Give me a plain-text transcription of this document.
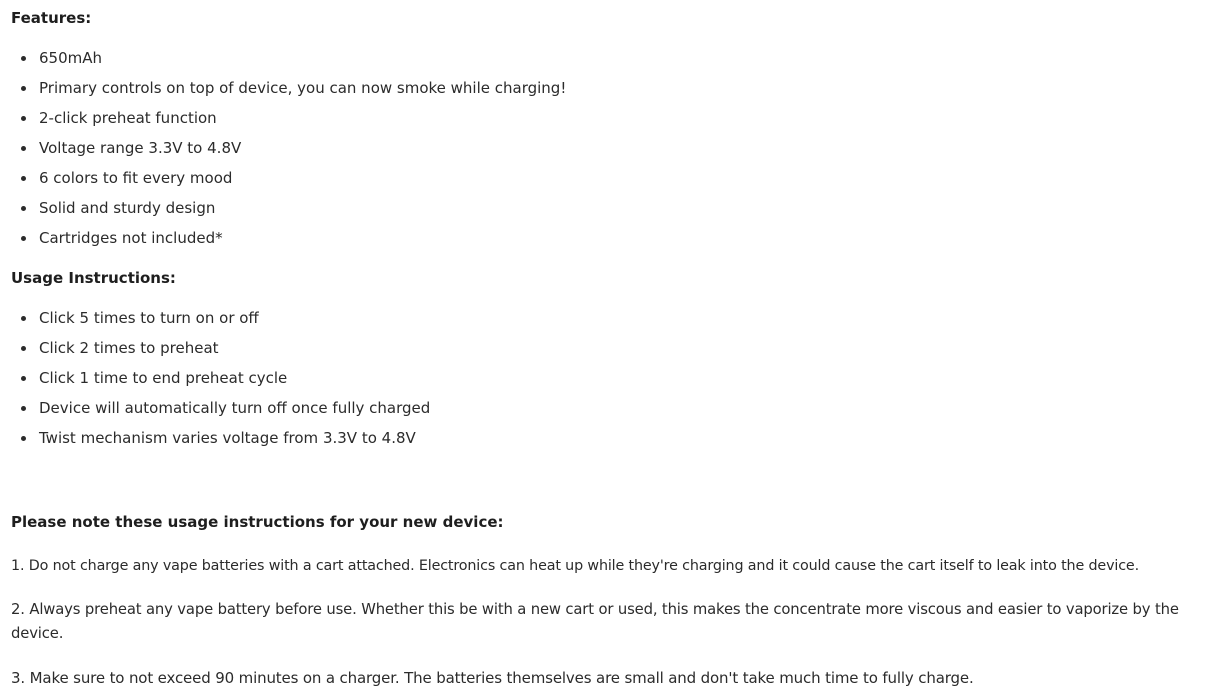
Features:

650mAh
Primary controls on top of device, you can now smoke while charging!
2-click preheat function
Voltage range 3.3V to 4.8V
6 colors to fit every mood
Solid and sturdy design
Cartridges not included*

Usage Instructions:

Click 5 times to turn on or off
Click 2 times to preheat
Click 1 time to end preheat cycle
Device will automatically turn off once fully charged
Twist mechanism varies voltage from 3.3V to 4.8V

Please note these usage instructions for your new device:

1. Do not charge any vape batteries with a cart attached. Electronics can heat up while they're charging and it could cause the cart itself to leak into the device.

2. Always preheat any vape battery before use. Whether this be with a new cart or used, this makes the concentrate more viscous and easier to vaporize by the device.

3. Make sure to not exceed 90 minutes on a charger. The batteries themselves are small and don't take much time to fully charge.
